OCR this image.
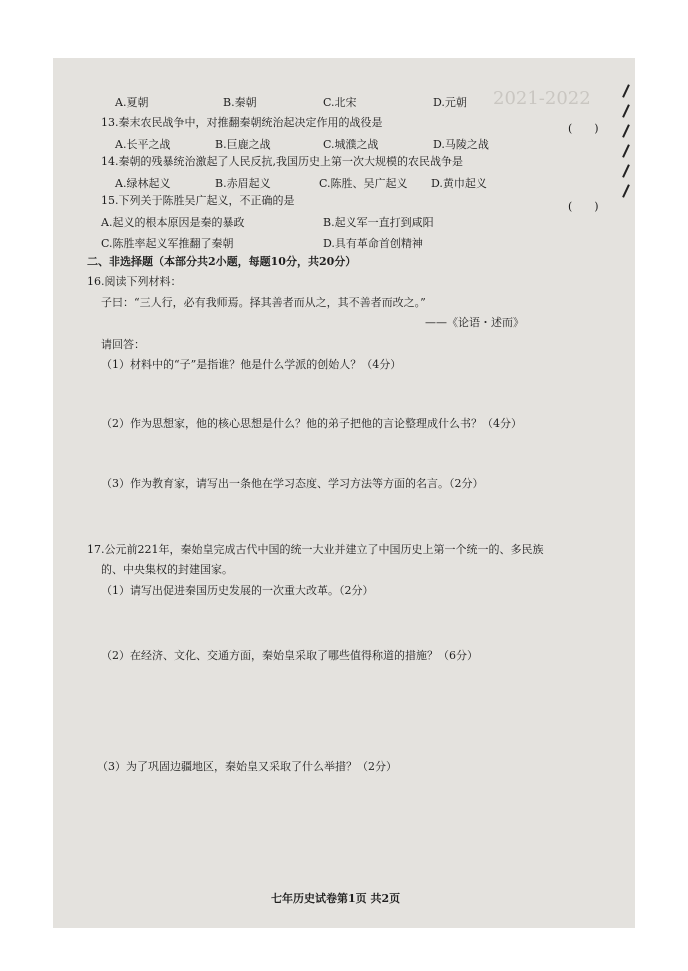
2021-2022
A.夏朝	B.秦朝	C.北宋	D.元朝
13.秦末农民战争中，对推翻秦朝统治起决定作用的战役是	(　　)
A.长平之战	B.巨鹿之战	C.城濮之战	D.马陵之战
14.秦朝的残暴统治激起了人民反抗,我国历史上第一次大规模的农民战争是
A.绿林起义	B.赤眉起义	C.陈胜、吴广起义 D.黄巾起义
15.下列关于陈胜吴广起义，不正确的是	(　　)
A.起义的根本原因是秦的暴政	B.起义军一直打到咸阳
C.陈胜率起义军推翻了秦朝	D.具有革命首创精神
二、非选择题（本部分共2小题，每题10分，共20分）
16.阅读下列材料：
子曰：“三人行，必有我师焉。择其善者而从之，其不善者而改之。”
——《论语・述而》
请回答：
（1）材料中的“子”是指谁？他是什么学派的创始人？（4分）
（2）作为思想家，他的核心思想是什么？他的弟子把他的言论整理成什么书？（4分）
（3）作为教育家，请写出一条他在学习态度、学习方法等方面的名言。（2分）
17.公元前221年，秦始皇完成古代中国的统一大业并建立了中国历史上第一个统一的、多民族
的、中央集权的封建国家。
（1）请写出促进秦国历史发展的一次重大改革。（2分）
（2）在经济、文化、交通方面，秦始皇采取了哪些值得称道的措施？（6分）
（3）为了巩固边疆地区，秦始皇又采取了什么举措？（2分）
七年历史试卷第1页 共2页
